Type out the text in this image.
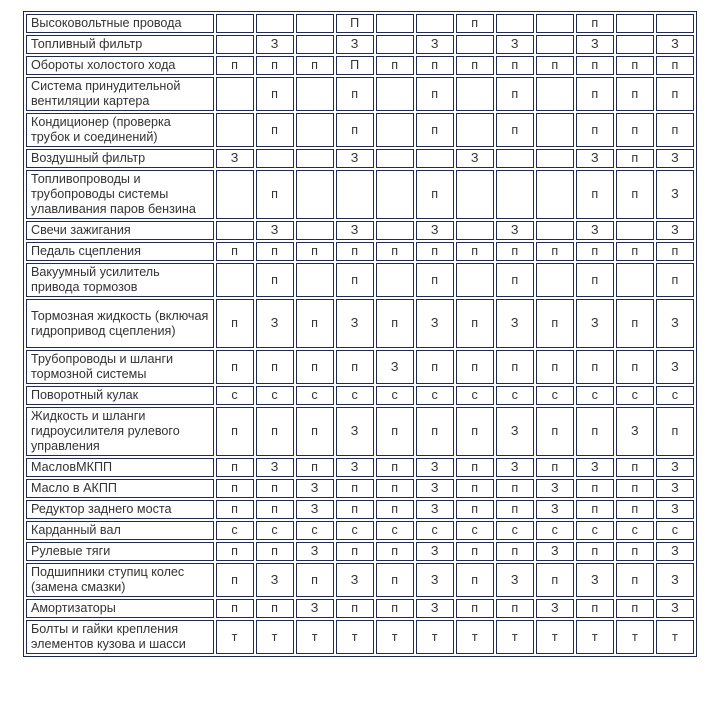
Высоковольтные провода				П			п			п		
Топливный фильтр		З		З		З		З		З		З
Обороты холостого хода	п	п	п	П	п	п	п	п	п	п	п	п
Система принудительной вентиляции картера		п		п		п		п		п	п	п
Кондиционер (проверка трубок и соединений)		п		п		п		п		п	п	п
Воздушный фильтр	З			З			З			З	п	З
Топливопроводы и трубопроводы системы улавливания паров бензина		п				п				п	п	З
Свечи зажигания		З		З		З		З		З		З
Педаль сцепления	п	п	п	п	п	п	п	п	п	п	п	п
Вакуумный усилитель привода тормозов		п		п		п		п		п		п
Тормозная жидкость (включая гидропривод сцепления)	п	З	п	З	п	З	п	З	п	З	п	З
Трубопроводы и шланги тормозной системы	п	п	п	п	З	п	п	п	п	п	п	З
Поворотный кулак	с	с	с	с	с	с	с	с	с	с	с	с
Жидкость и шланги гидроусилителя рулевого управления	п	п	п	З	п	п	п	З	п	п	З	п
МасловМКПП	п	З	п	З	п	З	п	З	п	З	п	З
Масло в АКПП	п	п	З	п	п	З	п	п	З	п	п	З
Редуктор заднего моста	п	п	З	п	п	З	п	п	З	п	п	З
Карданный вал	с	с	с	с	с	с	с	с	с	с	с	с
Рулевые тяги	п	п	З	п	п	З	п	п	З	п	п	З
Подшипники ступиц колес (замена смазки)	п	З	п	З	п	З	п	З	п	З	п	З
Амортизаторы	п	п	З	п	п	З	п	п	З	п	п	З
Болты и гайки крепления элементов кузова и шасси	т	т	т	т	т	т	т	т	т	т	т	т
